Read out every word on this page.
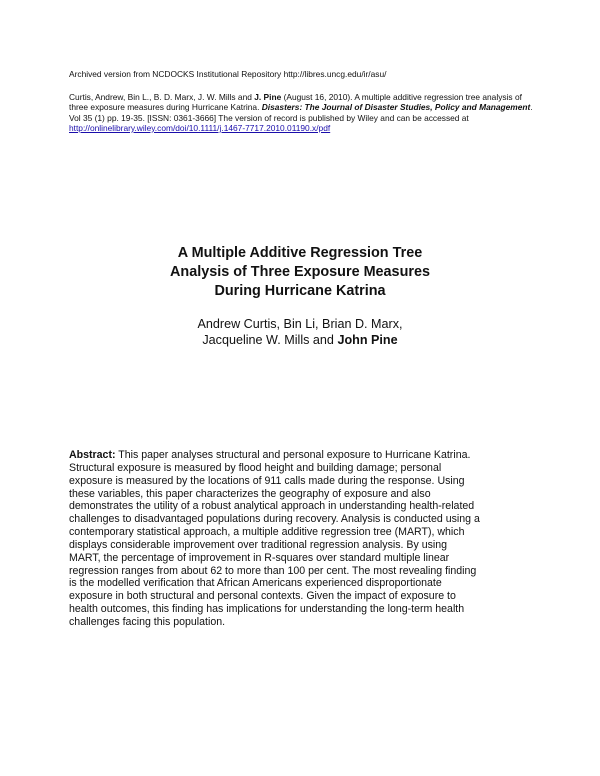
Archived version from NCDOCKS Institutional Repository http://libres.uncg.edu/ir/asu/
Curtis, Andrew, Bin L., B. D. Marx, J. W. Mills and J. Pine (August 16, 2010). A multiple additive regression tree analysis of three exposure measures during Hurricane Katrina. Disasters: The Journal of Disaster Studies, Policy and Management. Vol 35 (1) pp. 19-35. [ISSN: 0361-3666] The version of record is published by Wiley and can be accessed at http://onlinelibrary.wiley.com/doi/10.1111/j.1467-7717.2010.01190.x/pdf
A Multiple Additive Regression Tree
Analysis of Three Exposure Measures
During Hurricane Katrina
Andrew Curtis, Bin Li, Brian D. Marx,
Jacqueline W. Mills and John Pine
Abstract: This paper analyses structural and personal exposure to Hurricane Katrina.
Structural exposure is measured by flood height and building damage; personal
exposure is measured by the locations of 911 calls made during the response. Using
these variables, this paper characterizes the geography of exposure and also
demonstrates the utility of a robust analytical approach in understanding health-related
challenges to disadvantaged populations during recovery. Analysis is conducted using a
contemporary statistical approach, a multiple additive regression tree (MART), which
displays considerable improvement over traditional regression analysis. By using
MART, the percentage of improvement in R-squares over standard multiple linear
regression ranges from about 62 to more than 100 per cent. The most revealing finding
is the modelled verification that African Americans experienced disproportionate
exposure in both structural and personal contexts. Given the impact of exposure to
health outcomes, this finding has implications for understanding the long-term health
challenges facing this population.
